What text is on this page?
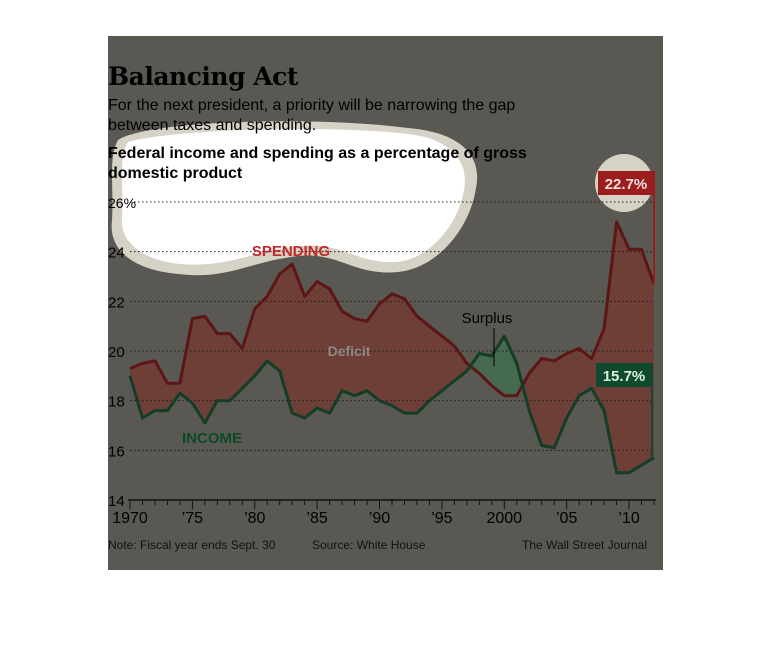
14
16
18
20
22
24
26%
1970 ’75	’80	’85	’90	’95 2000 ’05	’10
SPENDING
INCOME
Deficit
Surplus
22.7%
15.7%
Balancing Act
For the next president, a priority will be narrowing the gap between taxes and spending.
Federal income and spending as a percentage of gross domestic product
Note: Fiscal year ends Sept. 30	Source: White House	The Wall Street Journal
